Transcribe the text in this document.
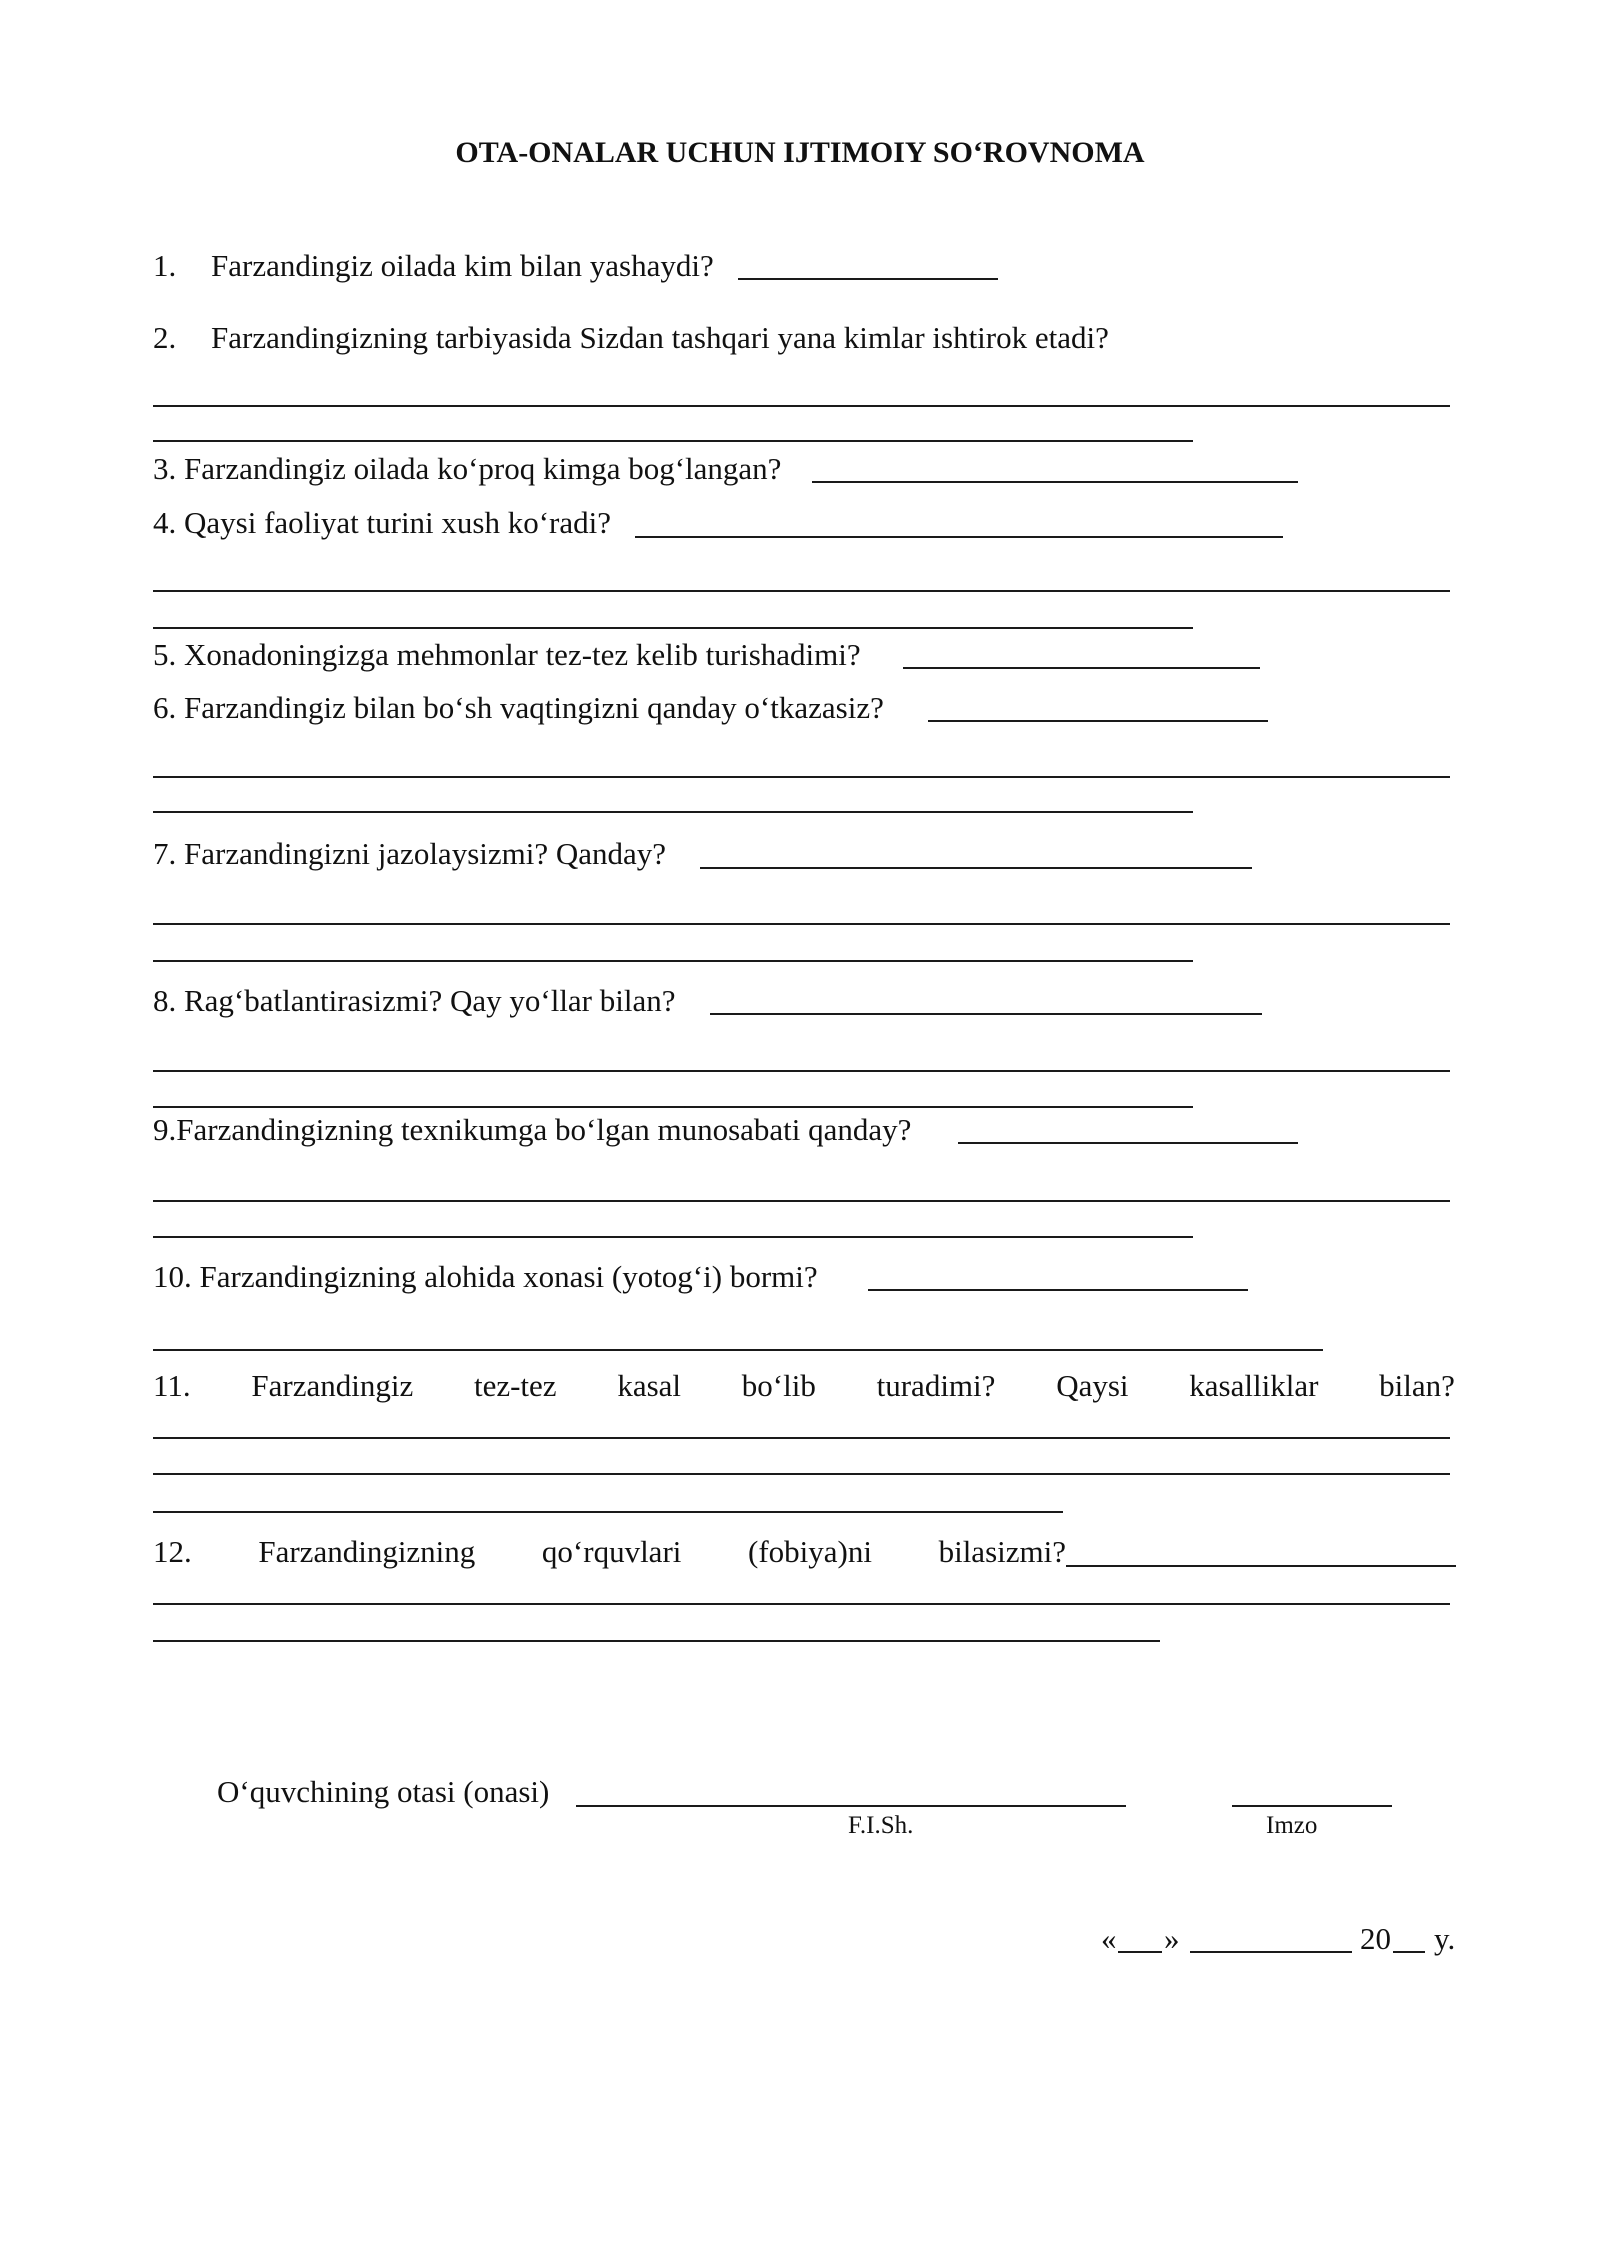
OTA-ONALAR UCHUN IJTIMOIY SO‘ROVNOMA
1. Farzandingiz oilada kim bilan yashaydi?
2. Farzandingizning tarbiyasida Sizdan tashqari yana kimlar ishtirok etadi?
3. Farzandingiz oilada ko‘proq kimga bog‘langan?
4. Qaysi faoliyat turini xush ko‘radi?
5. Xonadoningizga mehmonlar tez-tez kelib turishadimi?
6. Farzandingiz bilan bo‘sh vaqtingizni qanday o‘tkazasiz?
7. Farzandingizni jazolaysizmi? Qanday?
8. Rag‘batlantirasizmi? Qay yo‘llar bilan?
9.Farzandingizning texnikumga bo‘lgan munosabati qanday?
10. Farzandingizning alohida xonasi (yotog‘i) bormi?
11. Farzandingiz tez-tez kasal bo‘lib turadimi? Qaysi kasalliklar bilan?
12. Farzandingizning qo‘rquvlari (fobiya)ni bilasizmi?
O‘quvchining otasi (onasi)
F.I.Sh.	Imzo
« »	20 y.
